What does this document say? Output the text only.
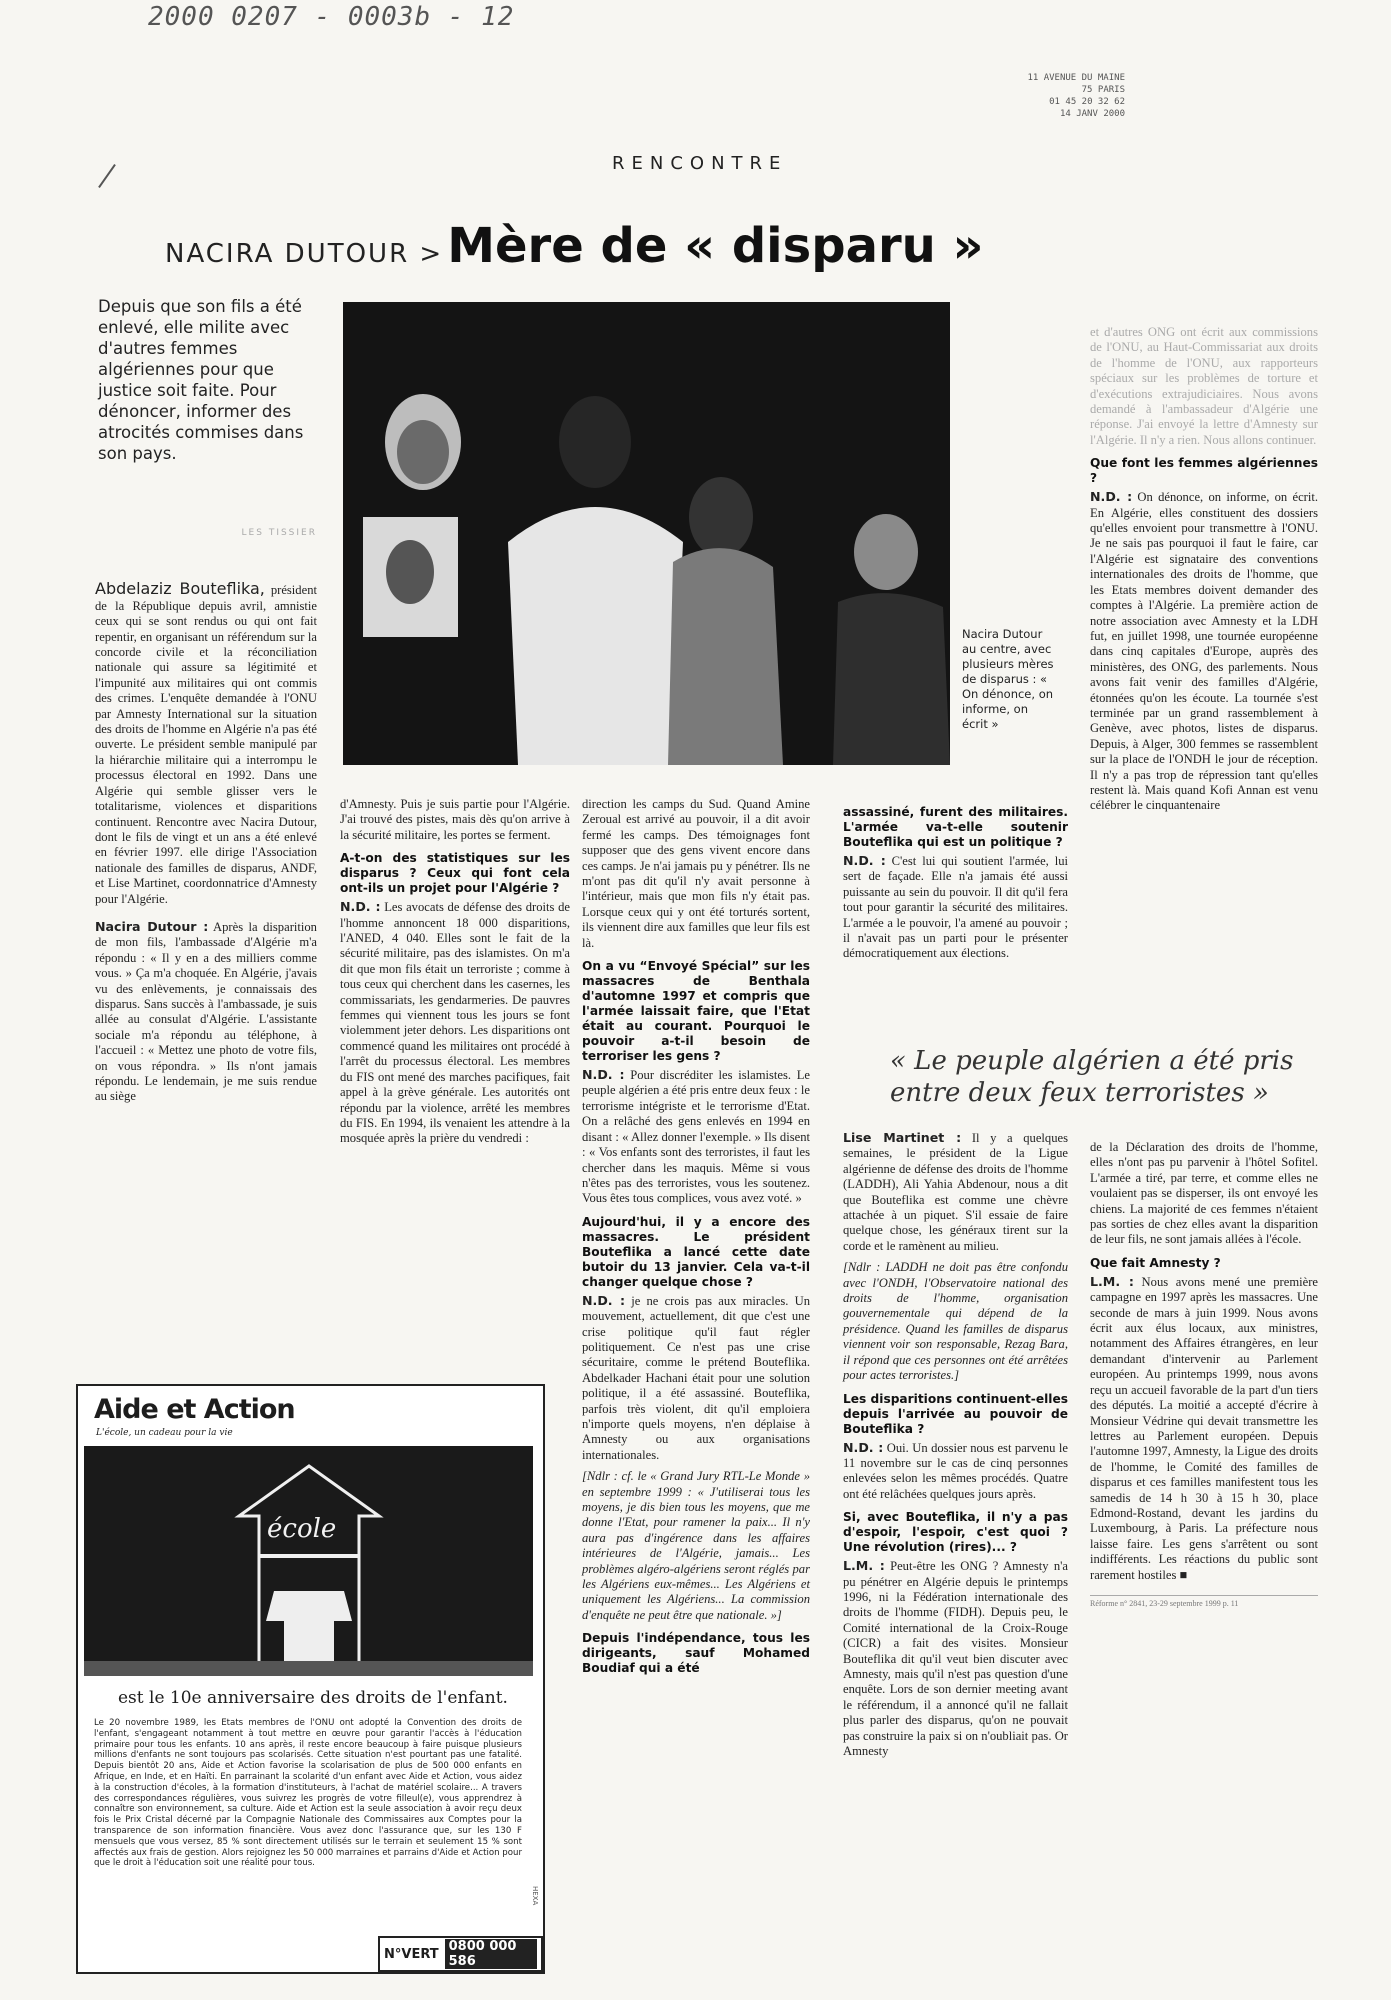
2000 0207 - 0003b - 12
11 AVENUE DU MAINE
75 PARIS
01 45 20 32 62
14 JANV 2000
RENCONTRE
NACIRA DUTOUR > Mère de « disparu »
Depuis que son fils a été enlevé, elle milite avec d'autres femmes algériennes pour que justice soit faite. Pour dénoncer, informer des atrocités commises dans son pays.
Nacira Dutour au centre, avec plusieurs mères de disparus : « On dénonce, on informe, on écrit »
LES TISSIER

Abdelaziz Bouteflika, président de la République depuis avril, amnistie ceux qui se sont rendus ou qui ont fait repentir, en organisant un référendum sur la concorde civile et la réconciliation nationale qui assure sa légitimité et l'impunité aux militaires qui ont commis des crimes. L'enquête demandée à l'ONU par Amnesty International sur la situation des droits de l'homme en Algérie n'a pas été ouverte. Le président semble manipulé par la hiérarchie militaire qui a interrompu le processus électoral en 1992. Dans une Algérie qui semble glisser vers le totalitarisme, violences et disparitions continuent. Rencontre avec Nacira Dutour, dont le fils de vingt et un ans a été enlevé en février 1997. elle dirige l'Association nationale des familles de disparus, ANDF, et Lise Martinet, coordonnatrice d'Amnesty pour l'Algérie.

Nacira Dutour : Après la disparition de mon fils, l'ambassade d'Algérie m'a répondu : « Il y en a des milliers comme vous. » Ça m'a choquée. En Algérie, j'avais vu des enlèvements, je connaissais des disparus. Sans succès à l'ambassade, je suis allée au consulat d'Algérie. L'assistante sociale m'a répondu au téléphone, à l'accueil : « Mettez une photo de votre fils, on vous répondra. » Ils n'ont jamais répondu. Le lendemain, je me suis rendue au siège

d'Amnesty. Puis je suis partie pour l'Algérie. J'ai trouvé des pistes, mais dès qu'on arrive à la sécurité militaire, les portes se ferment.

A-t-on des statistiques sur les disparus ? Ceux qui font cela ont-ils un projet pour l'Algérie ?

N.D. : Les avocats de défense des droits de l'homme annoncent 18 000 disparitions, l'ANED, 4 040. Elles sont le fait de la sécurité militaire, pas des islamistes. On m'a dit que mon fils était un terroriste ; comme à tous ceux qui cherchent dans les casernes, les commissariats, les gendarmeries. De pauvres femmes qui viennent tous les jours se font violemment jeter dehors. Les disparitions ont commencé quand les militaires ont procédé à l'arrêt du processus électoral. Les membres du FIS ont mené des marches pacifiques, fait appel à la grève générale. Les autorités ont répondu par la violence, arrêté les membres du FIS. En 1994, ils venaient les attendre à la mosquée après la prière du vendredi :

direction les camps du Sud. Quand Amine Zeroual est arrivé au pouvoir, il a dit avoir fermé les camps. Des témoignages font supposer que des gens vivent encore dans ces camps. Je n'ai jamais pu y pénétrer. Ils ne m'ont pas dit qu'il n'y avait personne à l'intérieur, mais que mon fils n'y était pas. Lorsque ceux qui y ont été torturés sortent, ils viennent dire aux familles que leur fils est là.

On a vu “Envoyé Spécial” sur les massacres de Benthala d'automne 1997 et compris que l'armée laissait faire, que l'Etat était au courant. Pourquoi le pouvoir a-t-il besoin de terroriser les gens ?

N.D. : Pour discréditer les islamistes. Le peuple algérien a été pris entre deux feux : le terrorisme intégriste et le terrorisme d'Etat. On a relâché des gens enlevés en 1994 en disant : « Allez donner l'exemple. » Ils disent : « Vos enfants sont des terroristes, il faut les chercher dans les maquis. Même si vous n'êtes pas des terroristes, vous les soutenez. Vous êtes tous complices, vous avez voté. »

Aujourd'hui, il y a encore des massacres. Le président Bouteflika a lancé cette date butoir du 13 janvier. Cela va-t-il changer quelque chose ?

N.D. : je ne crois pas aux miracles. Un mouvement, actuellement, dit que c'est une crise politique qu'il faut régler politiquement. Ce n'est pas une crise sécuritaire, comme le prétend Bouteflika. Abdelkader Hachani était pour une solution politique, il a été assassiné. Bouteflika, parfois très violent, dit qu'il emploiera n'importe quels moyens, n'en déplaise à Amnesty ou aux organisations internationales.

[Ndlr : cf. le « Grand Jury RTL-Le Monde » en septembre 1999 : « J'utiliserai tous les moyens, je dis bien tous les moyens, que me donne l'Etat, pour ramener la paix... Il n'y aura pas d'ingérence dans les affaires intérieures de l'Algérie, jamais... Les problèmes algéro-algériens seront réglés par les Algériens eux-mêmes... Les Algériens et uniquement les Algériens... La commission d'enquête ne peut être que nationale. »]

Depuis l'indépendance, tous les dirigeants, sauf Mohamed Boudiaf qui a été
assassiné, furent des militaires. L'armée va-t-elle soutenir Bouteflika qui est un politique ?

N.D. : C'est lui qui soutient l'armée, lui sert de façade. Elle n'a jamais été aussi puissante au sein du pouvoir. Il dit qu'il fera tout pour garantir la sécurité des militaires. L'armée a le pouvoir, l'a amené au pouvoir ; il n'avait pas un parti pour le présenter démocratiquement aux élections.

« Le peuple algérien a été pris entre deux feux terroristes »

Lise Martinet : Il y a quelques semaines, le président de la Ligue algérienne de défense des droits de l'homme (LADDH), Ali Yahia Abdenour, nous a dit que Bouteflika est comme une chèvre attachée à un piquet. S'il essaie de faire quelque chose, les généraux tirent sur la corde et le ramènent au milieu.

[Ndlr : LADDH ne doit pas être confondu avec l'ONDH, l'Observatoire national des droits de l'homme, organisation gouvernementale qui dépend de la présidence. Quand les familles de disparus viennent voir son responsable, Rezag Bara, il répond que ces personnes ont été arrêtées pour actes terroristes.]

Les disparitions continuent-elles depuis l'arrivée au pouvoir de Bouteflika ?

N.D. : Oui. Un dossier nous est parvenu le 11 novembre sur le cas de cinq personnes enlevées selon les mêmes procédés. Quatre ont été relâchées quelques jours après.

Si, avec Bouteflika, il n'y a pas d'espoir, l'espoir, c'est quoi ? Une révolution (rires)... ?

L.M. : Peut-être les ONG ? Amnesty n'a pu pénétrer en Algérie depuis le printemps 1996, ni la Fédération internationale des droits de l'homme (FIDH). Depuis peu, le Comité international de la Croix-Rouge (CICR) a fait des visites. Monsieur Bouteflika dit qu'il veut bien discuter avec Amnesty, mais qu'il n'est pas question d'une enquête. Lors de son dernier meeting avant le référendum, il a annoncé qu'il ne fallait plus parler des disparus, qu'on ne pouvait pas construire la paix si on n'oubliait pas. Or Amnesty

et d'autres ONG ont écrit aux commissions de l'ONU, au Haut-Commissariat aux droits de l'homme de l'ONU, aux rapporteurs spéciaux sur les problèmes de torture et d'exécutions extrajudiciaires. Nous avons demandé à l'ambassadeur d'Algérie une réponse. J'ai envoyé la lettre d'Amnesty sur l'Algérie. Il n'y a rien. Nous allons continuer.

Que font les femmes algériennes ?

N.D. : On dénonce, on informe, on écrit. En Algérie, elles constituent des dossiers qu'elles envoient pour transmettre à l'ONU. Je ne sais pas pourquoi il faut le faire, car l'Algérie est signataire des conventions internationales des droits de l'homme, que les Etats membres doivent demander des comptes à l'Algérie. La première action de notre association avec Amnesty et la LDH fut, en juillet 1998, une tournée européenne dans cinq capitales d'Europe, auprès des ministères, des ONG, des parlements. Nous avons fait venir des familles d'Algérie, étonnées qu'on les écoute. La tournée s'est terminée par un grand rassemblement à Genève, avec photos, listes de disparus. Depuis, à Alger, 300 femmes se rassemblent sur la place de l'ONDH le jour de réception. Il n'y a pas trop de répression tant qu'elles restent là. Mais quand Kofi Annan est venu célébrer le cinquantenaire

de la Déclaration des droits de l'homme, elles n'ont pas pu parvenir à l'hôtel Sofitel. L'armée a tiré, par terre, et comme elles ne voulaient pas se disperser, ils ont envoyé les chiens. La majorité de ces femmes n'étaient pas sorties de chez elles avant la disparition de leur fils, ne sont jamais allées à l'école.

Que fait Amnesty ?

L.M. : Nous avons mené une première campagne en 1997 après les massacres. Une seconde de mars à juin 1999. Nous avons écrit aux élus locaux, aux ministres, notamment des Affaires étrangères, en leur demandant d'intervenir au Parlement européen. Au printemps 1999, nous avons reçu un accueil favorable de la part d'un tiers des députés. La moitié a accepté d'écrire à Monsieur Védrine qui devait transmettre les lettres au Parlement européen. Depuis l'automne 1997, Amnesty, la Ligue des droits de l'homme, le Comité des familles de disparus et ces familles manifestent tous les samedis de 14 h 30 à 15 h 30, place Edmond-Rostand, devant les jardins du Luxembourg, à Paris. La préfecture nous laisse faire. Les gens s'arrêtent ou sont indifférents. Les réactions du public sont rarement hostiles ■

Réforme n° 2841, 23-29 septembre 1999 p. 11
Aide et Action
L'école, un cadeau pour la vie
école
est le 10e anniversaire des droits de l'enfant.
Le 20 novembre 1989, les Etats membres de l'ONU ont adopté la Convention des droits de l'enfant, s'engageant notamment à tout mettre en œuvre pour garantir l'accès à l'éducation primaire pour tous les enfants. 10 ans après, il reste encore beaucoup à faire puisque plusieurs millions d'enfants ne sont toujours pas scolarisés. Cette situation n'est pourtant pas une fatalité. Depuis bientôt 20 ans, Aide et Action favorise la scolarisation de plus de 500 000 enfants en Afrique, en Inde, et en Haïti. En parrainant la scolarité d'un enfant avec Aide et Action, vous aidez à la construction d'écoles, à la formation d'instituteurs, à l'achat de matériel scolaire... A travers des correspondances régulières, vous suivrez les progrès de votre filleul(e), vous apprendrez à connaître son environnement, sa culture. Aide et Action est la seule association à avoir reçu deux fois le Prix Cristal décerné par la Compagnie Nationale des Commissaires aux Comptes pour la transparence de son information financière. Vous avez donc l'assurance que, sur les 130 F mensuels que vous versez, 85 % sont directement utilisés sur le terrain et seulement 15 % sont affectés aux frais de gestion. Alors rejoignez les 50 000 marraines et parrains d'Aide et Action pour que le droit à l'éducation soit une réalité pour tous.
HEXA
N°VERT 0800 000 586
